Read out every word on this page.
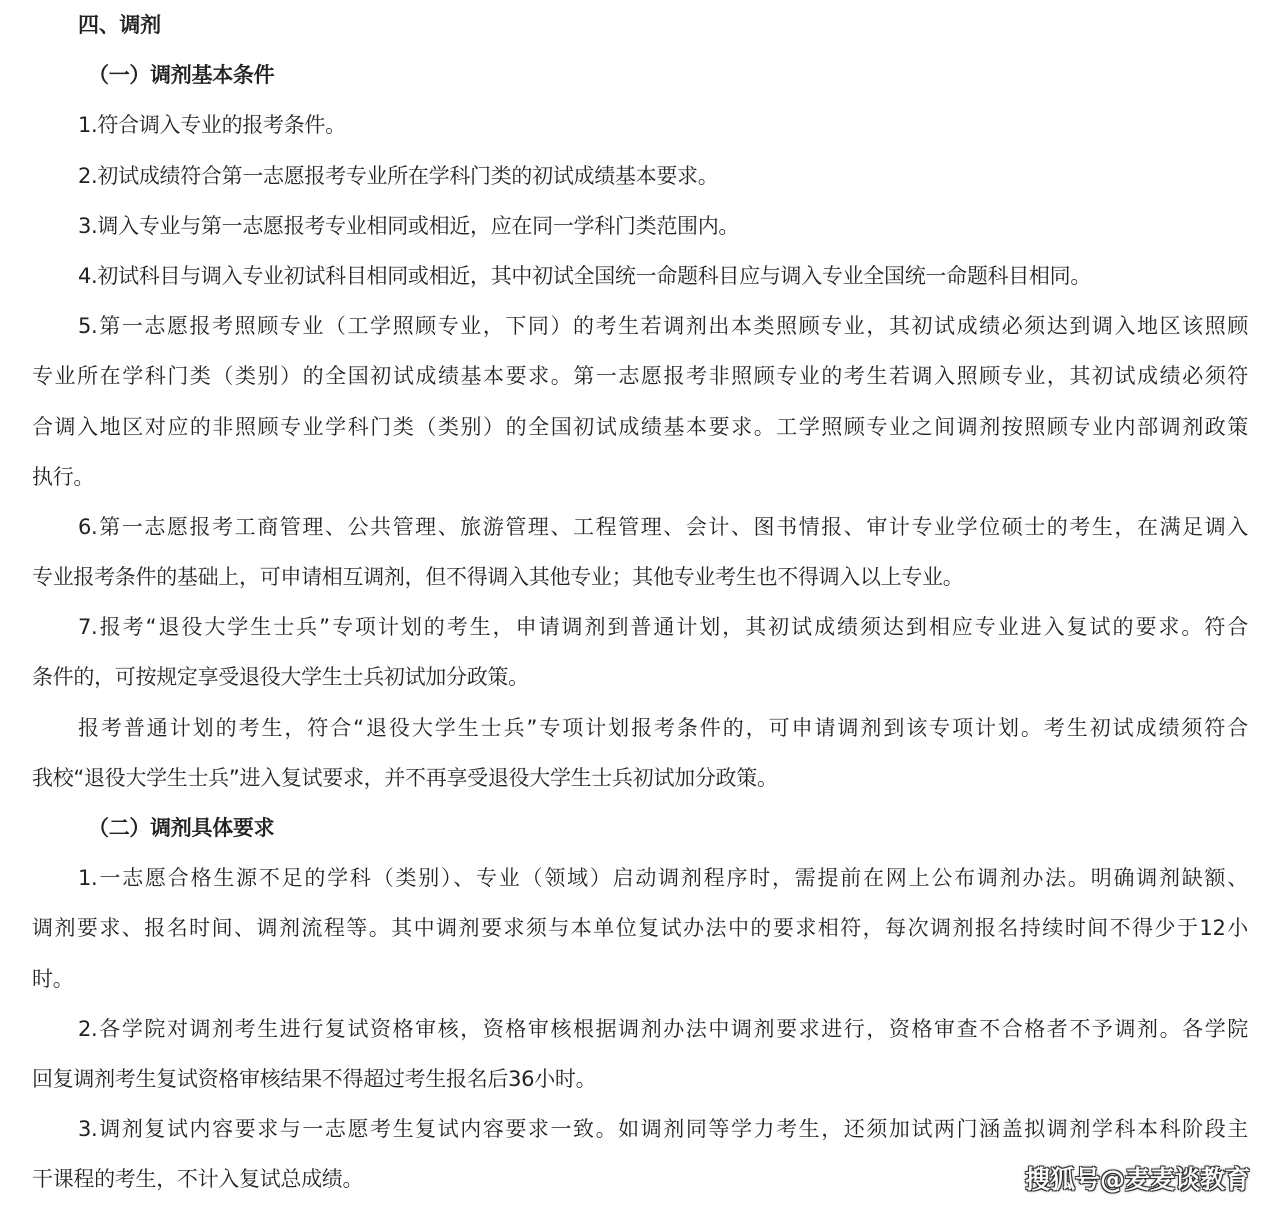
四、调剂
（一）调剂基本条件
1.符合调入专业的报考条件。
2.初试成绩符合第一志愿报考专业所在学科门类的初试成绩基本要求。
3.调入专业与第一志愿报考专业相同或相近，应在同一学科门类范围内。
4.初试科目与调入专业初试科目相同或相近，其中初试全国统一命题科目应与调入专业全国统一命题科目相同。
5.第一志愿报考照顾专业（工学照顾专业，下同）的考生若调剂出本类照顾专业，其初试成绩必须达到调入地区该照顾
专业所在学科门类（类别）的全国初试成绩基本要求。第一志愿报考非照顾专业的考生若调入照顾专业，其初试成绩必须符
合调入地区对应的非照顾专业学科门类（类别）的全国初试成绩基本要求。工学照顾专业之间调剂按照顾专业内部调剂政策
执行。
6.第一志愿报考工商管理、公共管理、旅游管理、工程管理、会计、图书情报、审计专业学位硕士的考生，在满足调入
专业报考条件的基础上，可申请相互调剂，但不得调入其他专业；其他专业考生也不得调入以上专业。
7.报考“退役大学生士兵”专项计划的考生，申请调剂到普通计划，其初试成绩须达到相应专业进入复试的要求。符合
条件的，可按规定享受退役大学生士兵初试加分政策。
报考普通计划的考生，符合“退役大学生士兵”专项计划报考条件的，可申请调剂到该专项计划。考生初试成绩须符合
我校“退役大学生士兵”进入复试要求，并不再享受退役大学生士兵初试加分政策。
（二）调剂具体要求
1.一志愿合格生源不足的学科（类别）、专业（领域）启动调剂程序时，需提前在网上公布调剂办法。明确调剂缺额、
调剂要求、报名时间、调剂流程等。其中调剂要求须与本单位复试办法中的要求相符，每次调剂报名持续时间不得少于12小
时。
2.各学院对调剂考生进行复试资格审核，资格审核根据调剂办法中调剂要求进行，资格审查不合格者不予调剂。各学院
回复调剂考生复试资格审核结果不得超过考生报名后36小时。
3.调剂复试内容要求与一志愿考生复试内容要求一致。如调剂同等学力考生，还须加试两门涵盖拟调剂学科本科阶段主
干课程的考生，不计入复试总成绩。	搜狐号@麦麦谈教育
